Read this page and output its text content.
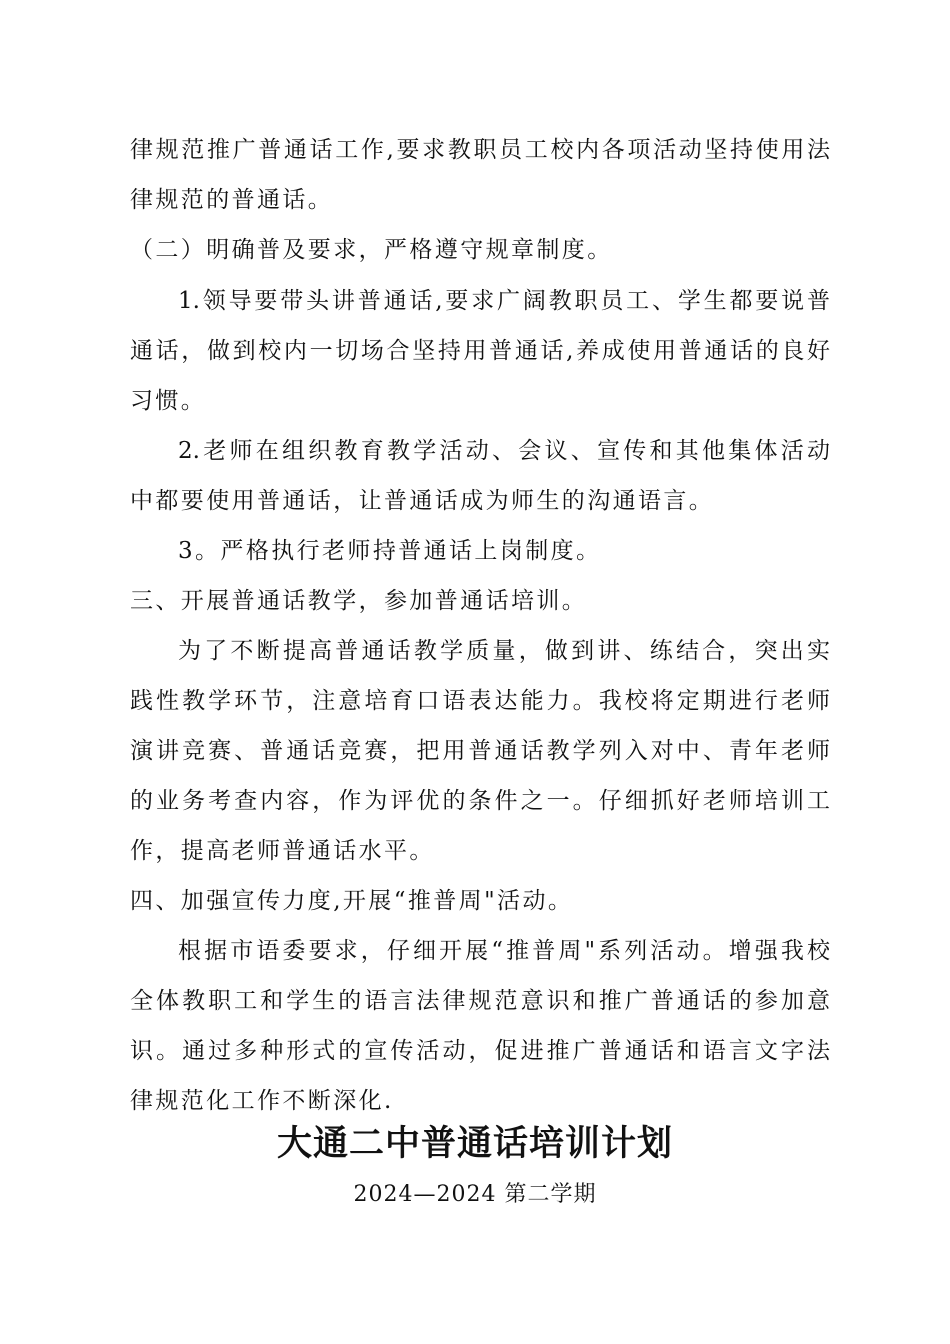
律规范推广普通话工作,要求教职员工校内各项活动坚持使用法
律规范的普通话。
（二）明确普及要求，严格遵守规章制度。
1.领导要带头讲普通话,要求广阔教职员工、学生都要说普
通话，做到校内一切场合坚持用普通话,养成使用普通话的良好
习惯。
2.老师在组织教育教学活动、会议、宣传和其他集体活动
中都要使用普通话，让普通话成为师生的沟通语言。
3。严格执行老师持普通话上岗制度。
三、开展普通话教学，参加普通话培训。
为了不断提高普通话教学质量，做到讲、练结合，突出实
践性教学环节，注意培育口语表达能力。我校将定期进行老师
演讲竞赛、普通话竞赛，把用普通话教学列入对中、青年老师
的业务考查内容，作为评优的条件之一。仔细抓好老师培训工
作，提高老师普通话水平。
四、加强宣传力度,开展“推普周"活动。
根据市语委要求，仔细开展“推普周"系列活动。增强我校
全体教职工和学生的语言法律规范意识和推广普通话的参加意
识。通过多种形式的宣传活动，促进推广普通话和语言文字法
律规范化工作不断深化.
大通二中普通话培训计划
2024—2024 第二学期
